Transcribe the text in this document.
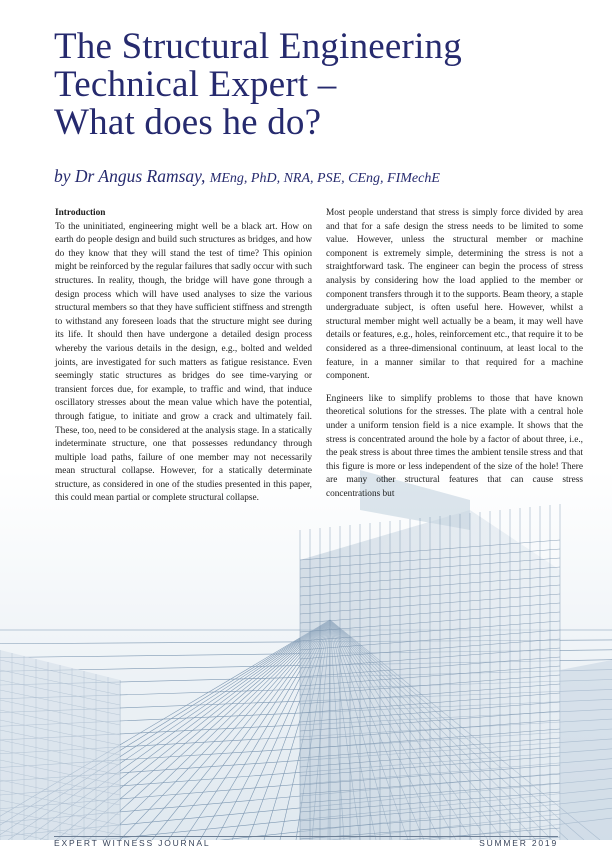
The Structural Engineering
Technical Expert –
What does he do?
by Dr Angus Ramsay, MEng, PhD, NRA, PSE, CEng, FIMechE

Introduction
To the uninitiated, engineering might well be a black art. How on earth do people design and build such structures as bridges, and how do they know that they will stand the test of time? This opinion might be reinforced by the regular failures that sadly occur with such structures. In reality, though, the bridge will have gone through a design process which will have used analyses to size the various structural members so that they have sufficient stiffness and strength to withstand any foreseen loads that the structure might see during its life. It should then have undergone a detailed design process whereby the various details in the design, e.g., bolted and welded joints, are investigated for such matters as fatigue resistance. Even seemingly static structures as bridges do see time-varying or transient forces due, for example, to traffic and wind, that induce oscillatory stresses about the mean value which have the potential, through fatigue, to initiate and grow a crack and ultimately fail. These, too, need to be considered at the analysis stage. In a statically indeterminate structure, one that possesses redundancy through multiple load paths, failure of one member may not necessarily mean structural collapse. However, for a statically determinate structure, as considered in one of the studies presented in this paper, this could mean partial or complete structural collapse.

Most people understand that stress is simply force divided by area and that for a safe design the stress needs to be limited to some value. However, unless the structural member or machine component is extremely simple, determining the stress is not a straightforward task. The engineer can begin the process of stress analysis by considering how the load applied to the member or component transfers through it to the supports. Beam theory, a staple undergraduate subject, is often useful here. However, whilst a structural member might well actually be a beam, it may well have details or features, e.g., holes, reinforcement etc., that require it to be considered as a three-dimensional continuum, at least local to the feature, in a manner similar to that required for a machine component.

Engineers like to simplify problems to those that have known theoretical solutions for the stresses. The plate with a central hole under a uniform tension field is a nice example. It shows that the stress is concentrated around the hole by a factor of about three, i.e., the peak stress is about three times the ambient tensile stress and that this figure is more or less independent of the size of the hole! There are many other structural features that can cause stress concentrations but

EXPERT WITNESS JOURNAL	SUMMER 2019
